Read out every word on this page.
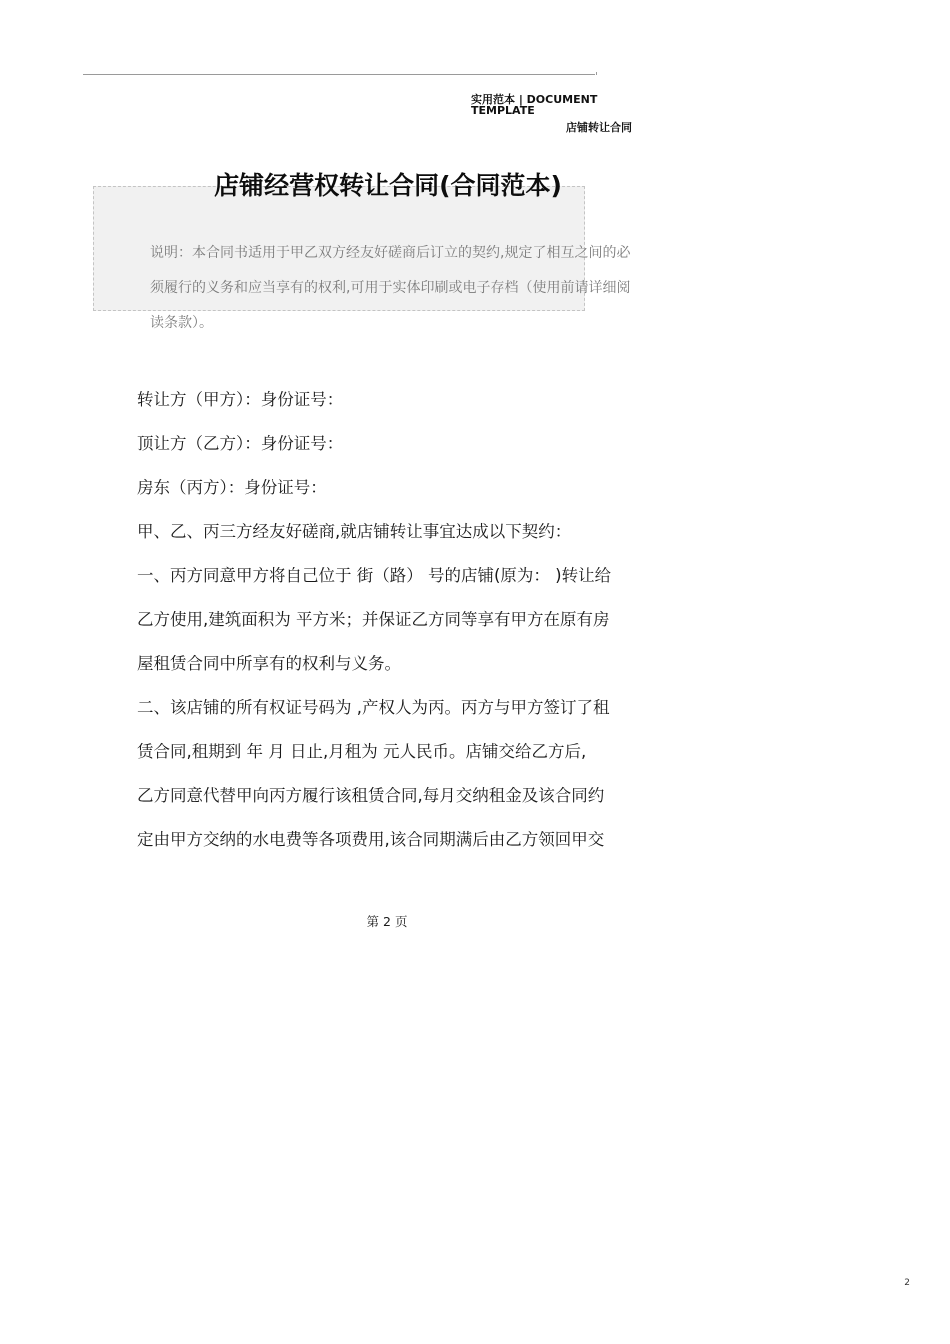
实用范本 | DOCUMENT TEMPLATE
店铺转让合同
店铺经营权转让合同(合同范本)
说明：本合同书适用于甲乙双方经友好磋商后订立的契约,规定了相互之间的必须履行的义务和应当享有的权利,可用于实体印刷或电子存档（使用前请详细阅读条款）。

转让方（甲方）：身份证号：

顶让方（乙方）：身份证号：

房东（丙方）：身份证号：

甲、乙、丙三方经友好磋商,就店铺转让事宜达成以下契约：

一、丙方同意甲方将自己位于 街（路） 号的店铺(原为： )转让给

乙方使用,建筑面积为 平方米；并保证乙方同等享有甲方在原有房

屋租赁合同中所享有的权利与义务。

二、该店铺的所有权证号码为 ,产权人为丙。丙方与甲方签订了租

赁合同,租期到 年 月 日止,月租为 元人民币。店铺交给乙方后,

乙方同意代替甲向丙方履行该租赁合同,每月交纳租金及该合同约

定由甲方交纳的水电费等各项费用,该合同期满后由乙方领回甲交

第 2 页
2
